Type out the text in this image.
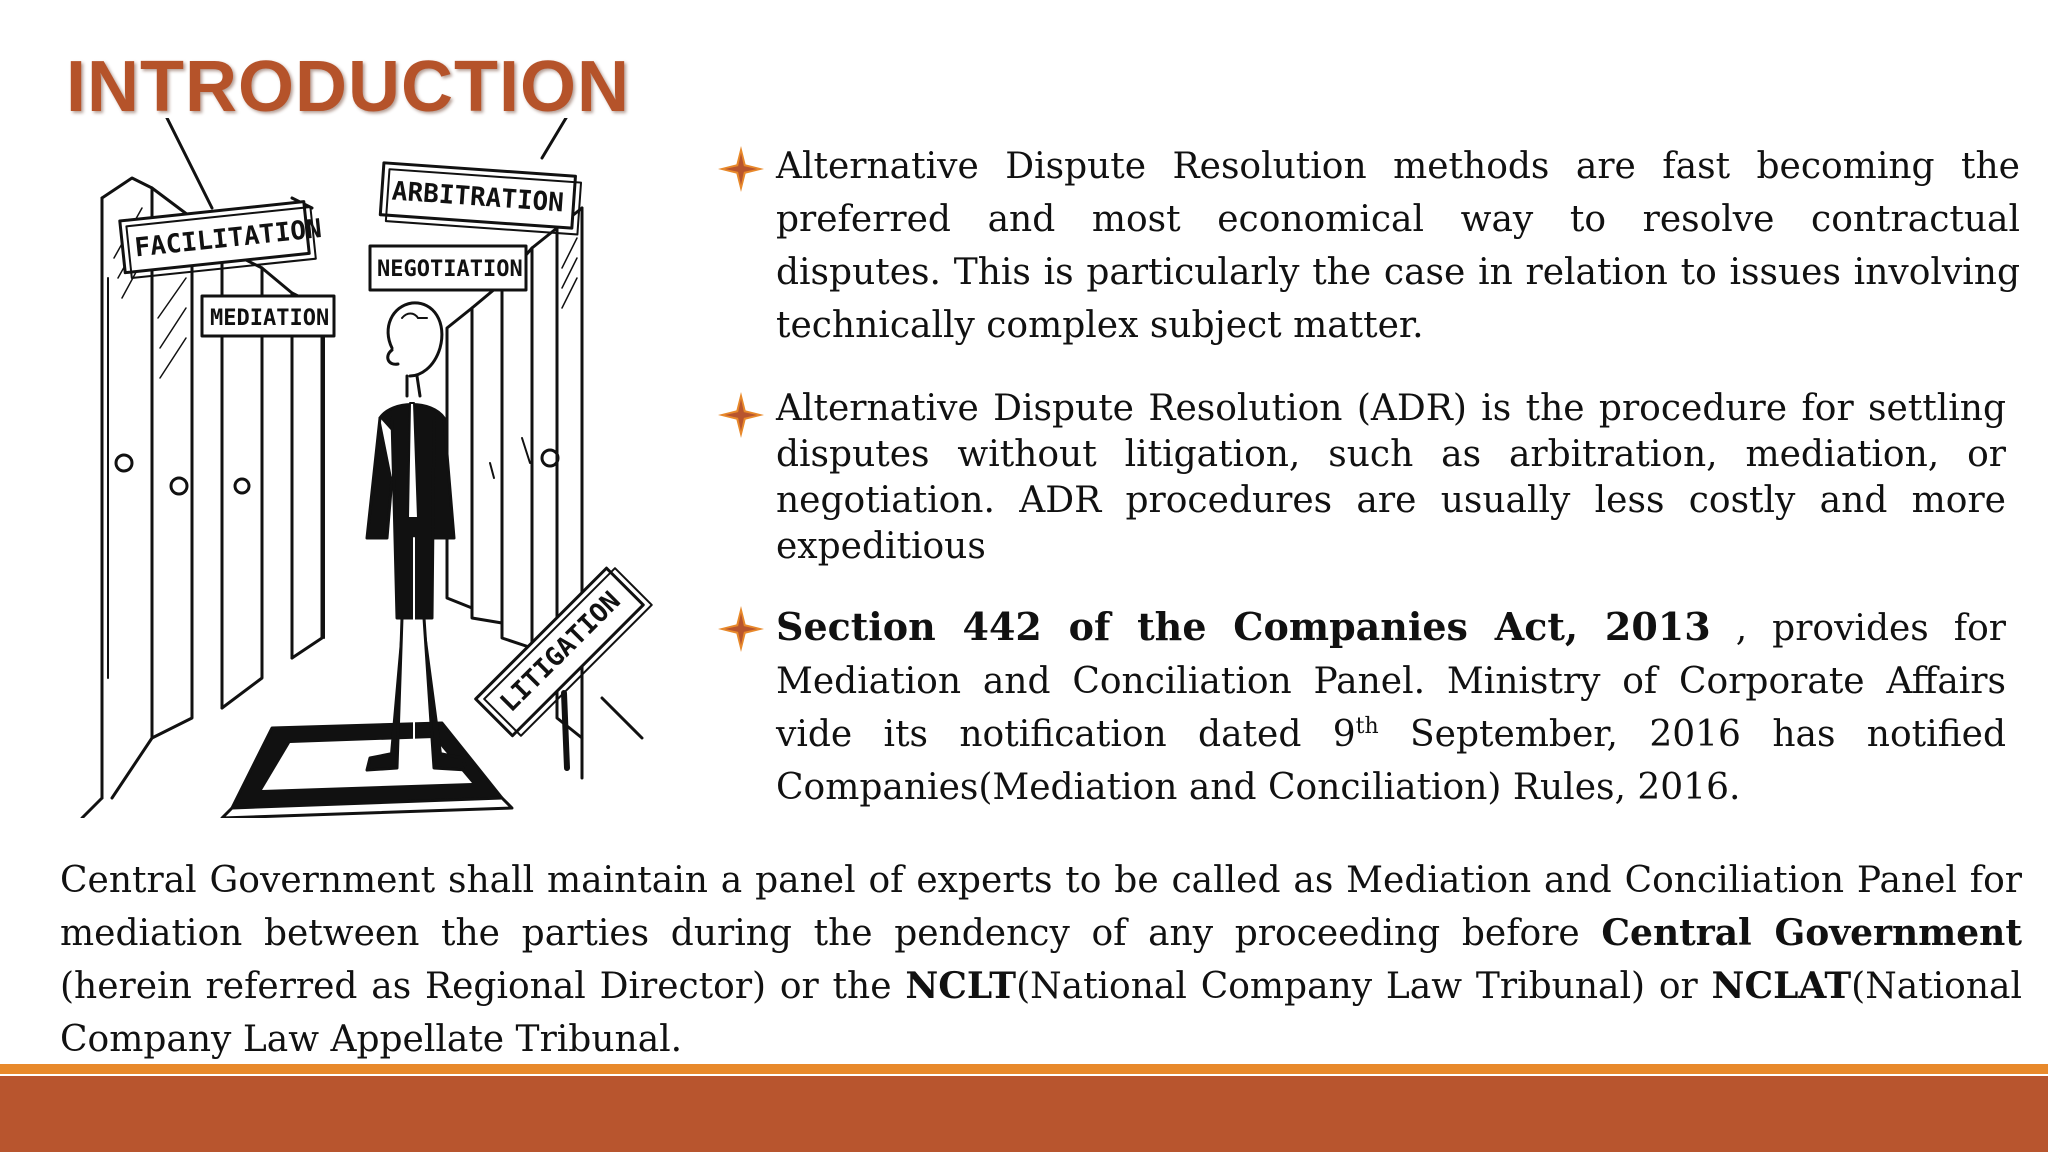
INTRODUCTION
FACILITATION
MEDIATION
ARBITRATION
NEGOTIATION
LITIGATION
Alternative Dispute Resolution methods are fast becoming the preferred and most economical way to resolve contractual disputes. This is particularly the case in relation to issues involving technically complex subject matter.
Alternative Dispute Resolution (ADR) is the procedure for settling disputes without litigation, such as arbitration, mediation, or negotiation. ADR procedures are usually less costly and more expeditious
Section 442 of the Companies Act, 2013 , provides for Mediation and Conciliation Panel. Ministry of Corporate Affairs vide its notification dated 9th September, 2016 has notified Companies(Mediation and Conciliation) Rules, 2016.
Central Government shall maintain a panel of experts to be called as Mediation and Conciliation Panel for mediation between the parties during the pendency of any proceeding before Central Government (herein referred as Regional Director) or the NCLT(National Company Law Tribunal) or NCLAT(National Company Law Appellate Tribunal.
